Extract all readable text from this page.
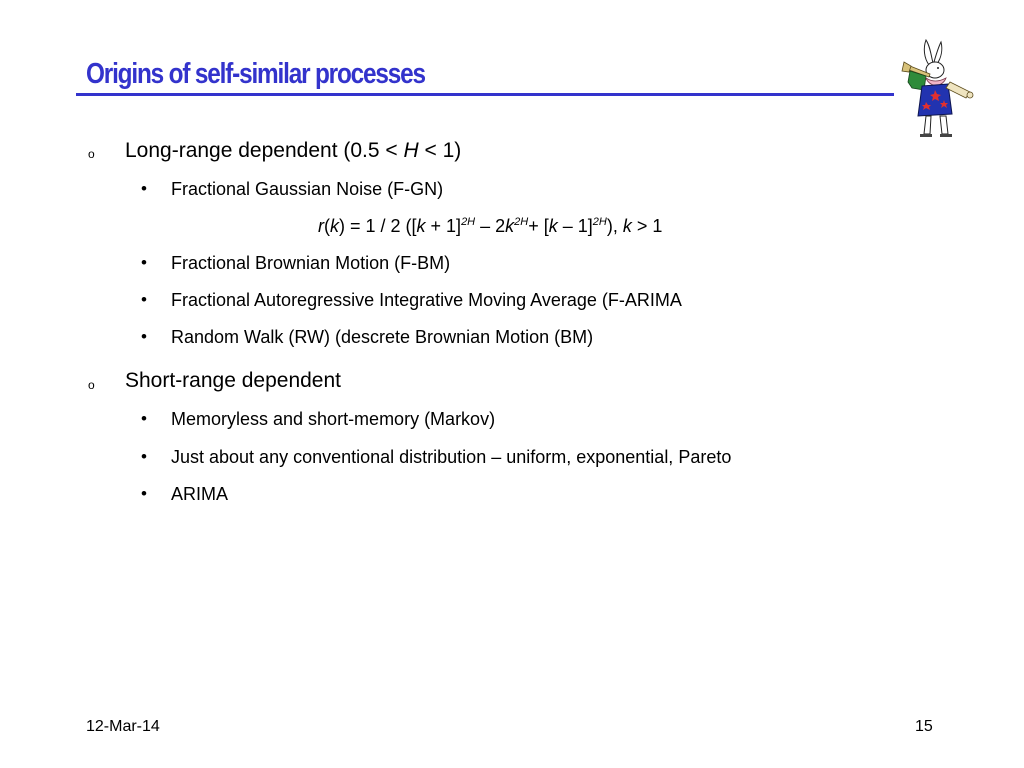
Origins of self-similar processes
o Long-range dependent (0.5 < H < 1)
• Fractional Gaussian Noise (F-GN)
r(k) = 1 / 2 $([k + 1]^{2H} - 2k^{2H}+ [k - 1]^{2H})$, k > 1
• Fractional Brownian Motion (F-BM)
• Fractional Autoregressive Integrative Moving Average (F-ARIMA
• Random Walk (RW) (descrete Brownian Motion (BM)
o Short-range dependent
• Memoryless and short-memory (Markov)
• Just about any conventional distribution – uniform, exponential, Pareto
• ARIMA
12-Mar-14	15
